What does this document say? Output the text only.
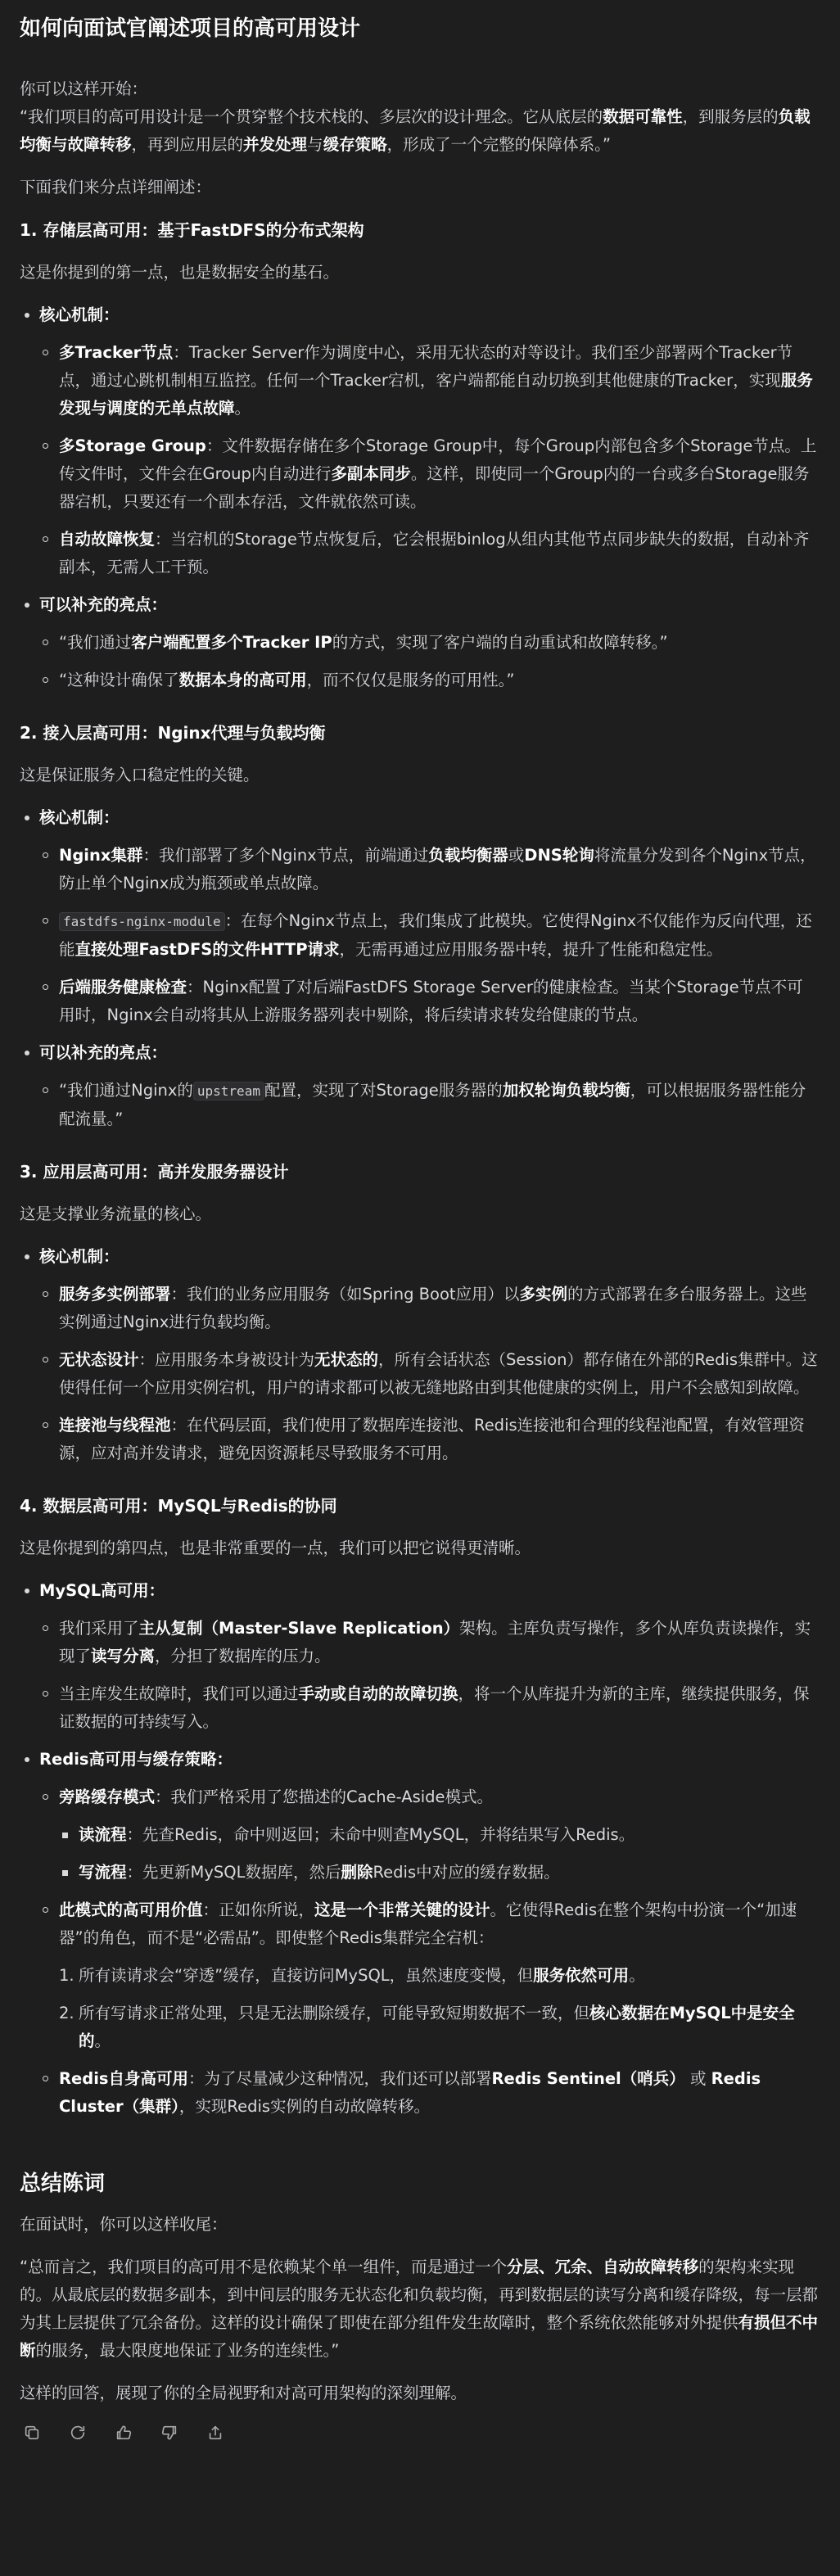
如何向面试官阐述项目的高可用设计

你可以这样开始：

“我们项目的高可用设计是一个贯穿整个技术栈的、多层次的设计理念。它从底层的数据可靠性，到服务层的负载均衡与故障转移，再到应用层的并发处理与缓存策略，形成了一个完整的保障体系。”

下面我们来分点详细阐述：

1. 存储层高可用：基于FastDFS的分布式架构

这是你提到的第一点，也是数据安全的基石。

核心机制：
多Tracker节点：Tracker Server作为调度中心，采用无状态的对等设计。我们至少部署两个Tracker节点，通过心跳机制相互监控。任何一个Tracker宕机，客户端都能自动切换到其他健康的Tracker，实现服务发现与调度的无单点故障。
多Storage Group：文件数据存储在多个Storage Group中，每个Group内部包含多个Storage节点。上传文件时，文件会在Group内自动进行多副本同步。这样，即使同一个Group内的一台或多台Storage服务器宕机，只要还有一个副本存活，文件就依然可读。
自动故障恢复：当宕机的Storage节点恢复后，它会根据binlog从组内其他节点同步缺失的数据，自动补齐副本，无需人工干预。
可以补充的亮点：
“我们通过客户端配置多个Tracker IP的方式，实现了客户端的自动重试和故障转移。”
“这种设计确保了数据本身的高可用，而不仅仅是服务的可用性。”
2. 接入层高可用：Nginx代理与负载均衡

这是保证服务入口稳定性的关键。

核心机制：
Nginx集群：我们部署了多个Nginx节点，前端通过负载均衡器或DNS轮询将流量分发到各个Nginx节点，防止单个Nginx成为瓶颈或单点故障。
fastdfs-nginx-module ：在每个Nginx节点上，我们集成了此模块。它使得Nginx不仅能作为反向代理，还能直接处理FastDFS的文件HTTP请求，无需再通过应用服务器中转，提升了性能和稳定性。
后端服务健康检查：Nginx配置了对后端FastDFS Storage Server的健康检查。当某个Storage节点不可用时，Nginx会自动将其从上游服务器列表中剔除，将后续请求转发给健康的节点。
可以补充的亮点：
“我们通过Nginx的 upstream 配置，实现了对Storage服务器的加权轮询负载均衡，可以根据服务器性能分配流量。”
3. 应用层高可用：高并发服务器设计

这是支撑业务流量的核心。

核心机制：
服务多实例部署：我们的业务应用服务（如Spring Boot应用）以多实例的方式部署在多台服务器上。这些实例通过Nginx进行负载均衡。
无状态设计：应用服务本身被设计为无状态的，所有会话状态（Session）都存储在外部的Redis集群中。这使得任何一个应用实例宕机，用户的请求都可以被无缝地路由到其他健康的实例上，用户不会感知到故障。
连接池与线程池：在代码层面，我们使用了数据库连接池、Redis连接池和合理的线程池配置，有效管理资源，应对高并发请求，避免因资源耗尽导致服务不可用。
4. 数据层高可用：MySQL与Redis的协同

这是你提到的第四点，也是非常重要的一点，我们可以把它说得更清晰。

MySQL高可用：
我们采用了主从复制（Master-Slave Replication）架构。主库负责写操作，多个从库负责读操作，实现了读写分离，分担了数据库的压力。
当主库发生故障时，我们可以通过手动或自动的故障切换，将一个从库提升为新的主库，继续提供服务，保证数据的可持续写入。
Redis高可用与缓存策略：
旁路缓存模式：我们严格采用了您描述的Cache-Aside模式。
读流程：先查Redis，命中则返回；未命中则查MySQL，并将结果写入Redis。
写流程：先更新MySQL数据库，然后删除Redis中对应的缓存数据。
此模式的高可用价值：正如你所说，这是一个非常关键的设计。它使得Redis在整个架构中扮演一个“加速器”的角色，而不是“必需品”。即使整个Redis集群完全宕机：
1. 所有读请求会“穿透”缓存，直接访问MySQL，虽然速度变慢，但服务依然可用。
2. 所有写请求正常处理，只是无法删除缓存，可能导致短期数据不一致，但核心数据在MySQL中是安全的。
Redis自身高可用：为了尽量减少这种情况，我们还可以部署Redis Sentinel（哨兵） 或 Redis Cluster（集群），实现Redis实例的自动故障转移。
总结陈词

在面试时，你可以这样收尾：

“总而言之，我们项目的高可用不是依赖某个单一组件，而是通过一个分层、冗余、自动故障转移的架构来实现的。从最底层的数据多副本，到中间层的服务无状态化和负载均衡，再到数据层的读写分离和缓存降级，每一层都为其上层提供了冗余备份。这样的设计确保了即使在部分组件发生故障时，整个系统依然能够对外提供有损但不中断的服务，最大限度地保证了业务的连续性。”

这样的回答，展现了你的全局视野和对高可用架构的深刻理解。
